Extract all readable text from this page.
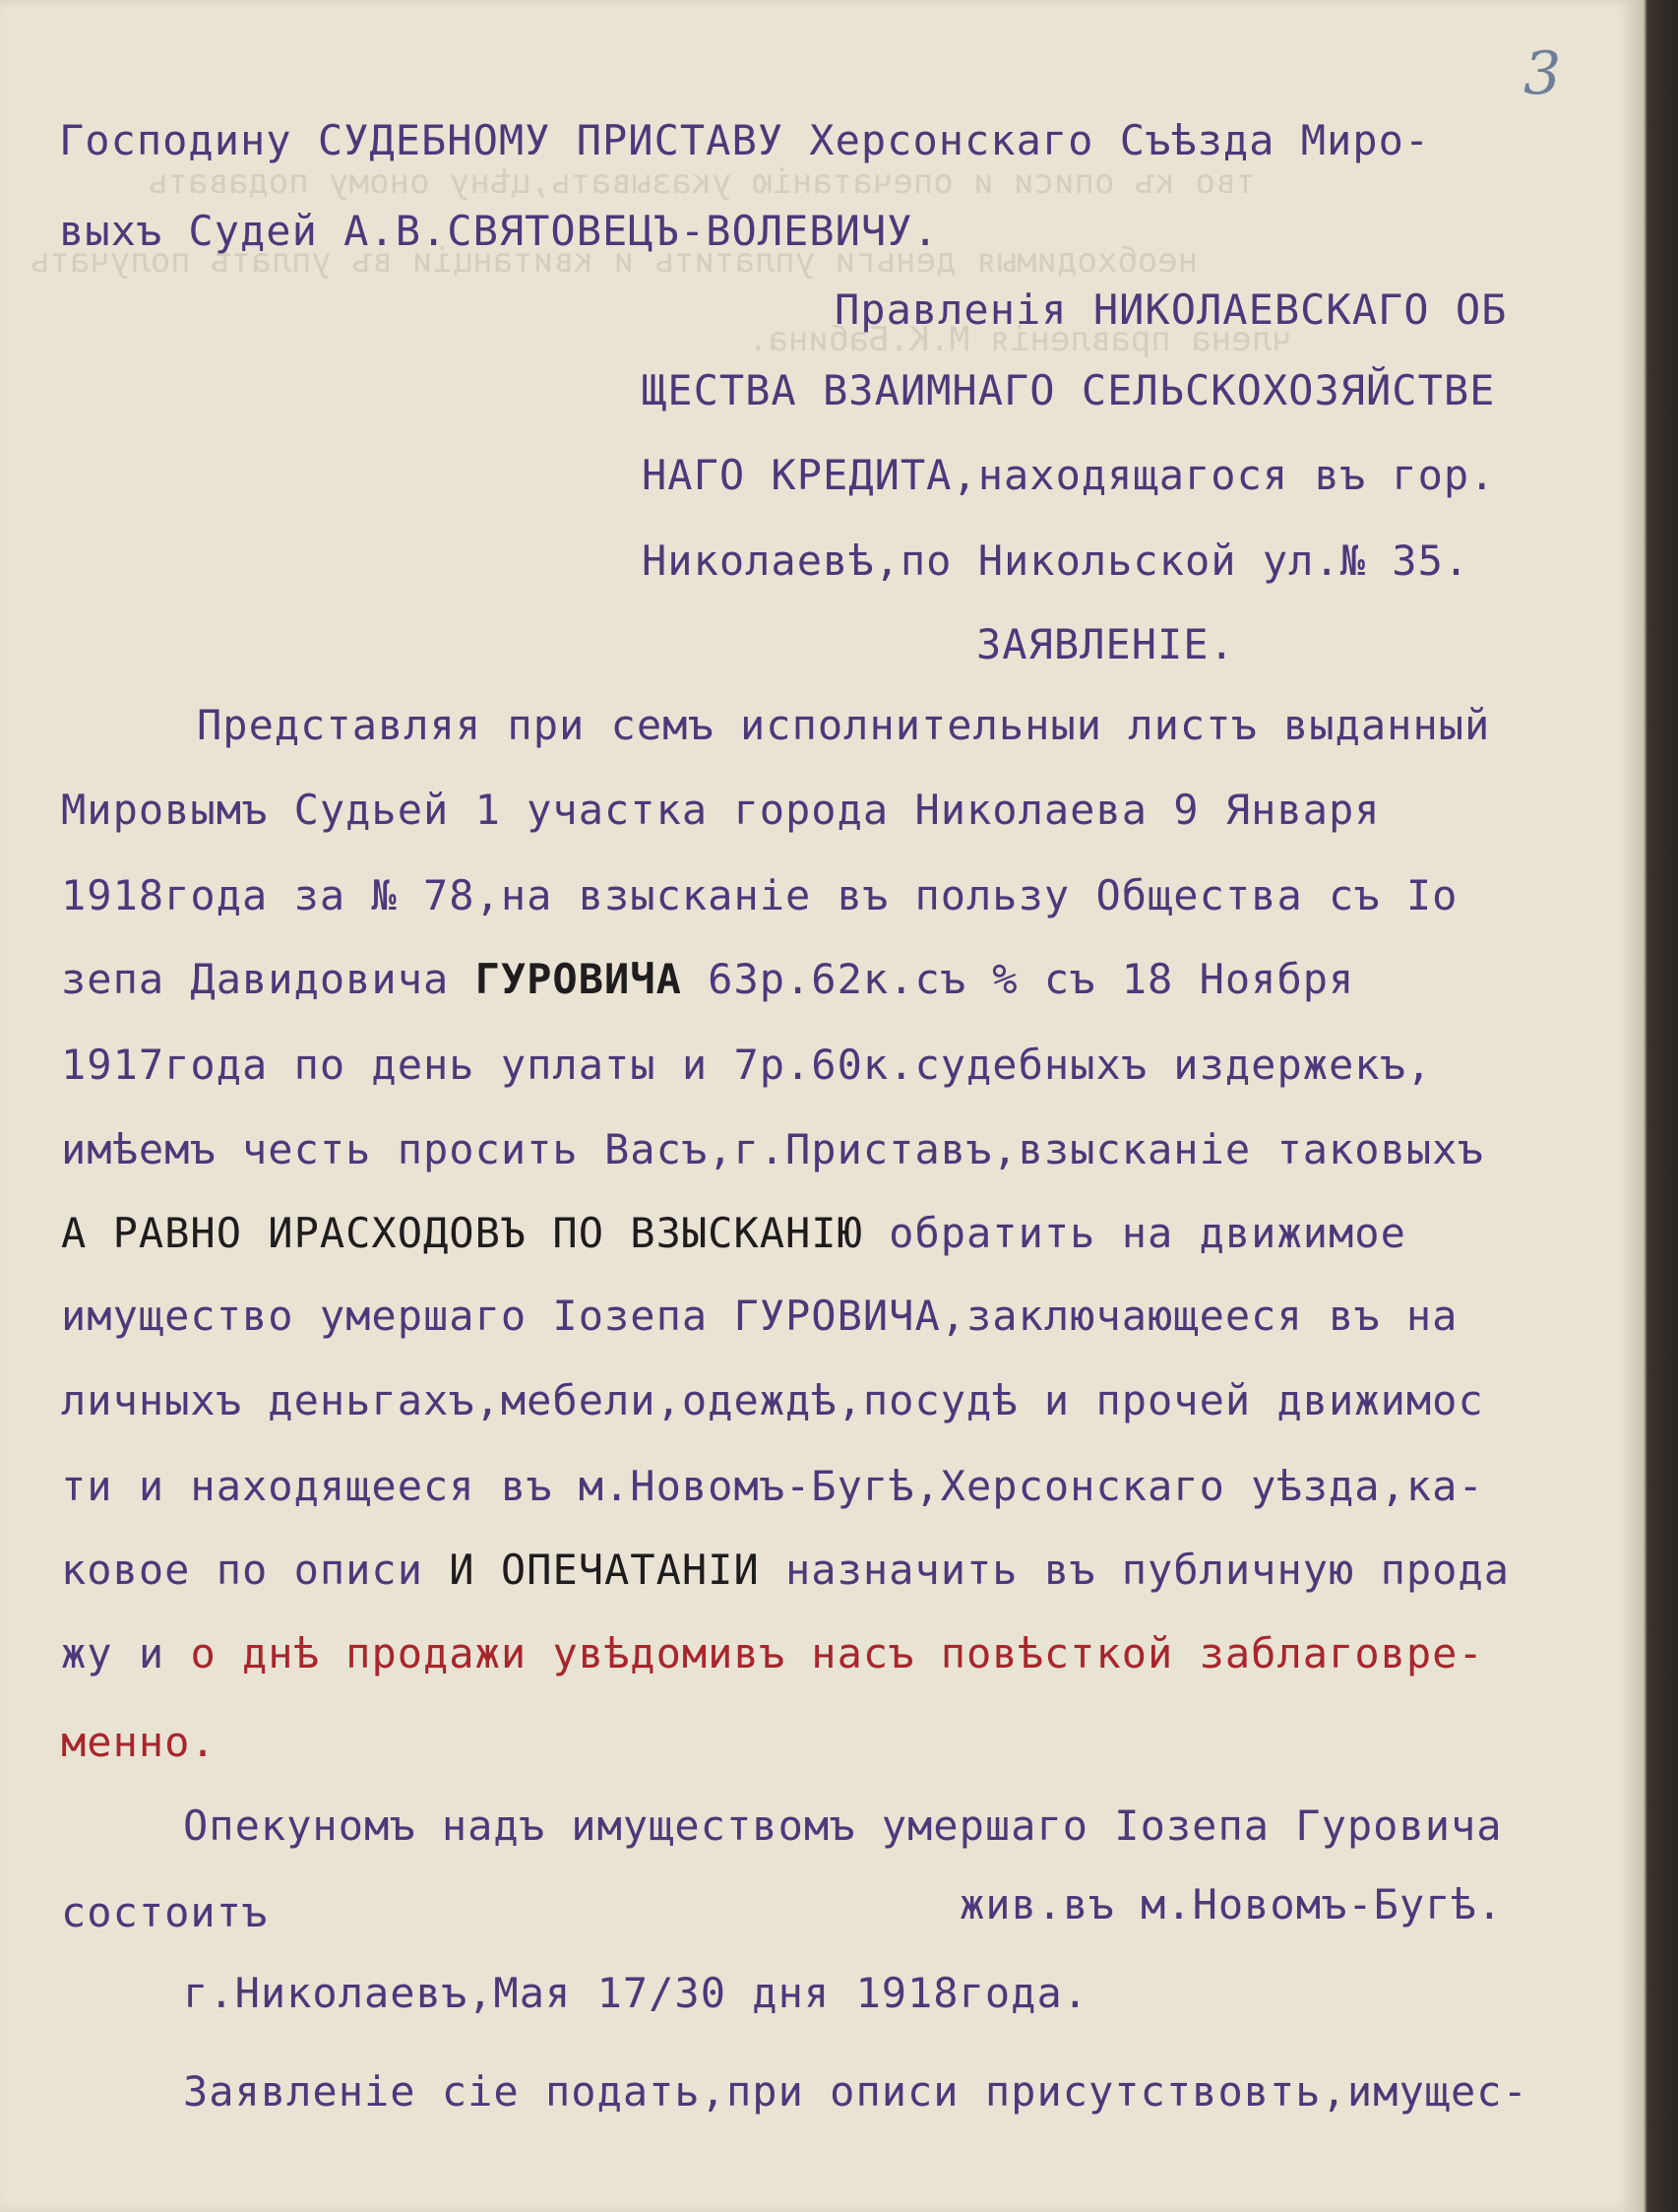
тво къ описи и опечатанію указывать,цѣну оному подавать
необходимыя деньги уплатить и квитанціи въ уплатѣ получать
члена правленія М.К.Бабина.
3
Господину СУДЕБНОМУ ПРИСТАВУ Херсонскаго Съѣзда Миро-
выхъ Судей А.В.СВЯТОВЕЦЪ-ВОЛЕВИЧУ.
Правленія НИКОЛАЕВСКАГО ОБ
ЩЕСТВА ВЗАИМНАГО СЕЛЬСКОХОЗЯЙСТВЕ
НАГО КРЕДИТА,находящагося въ гор.
Николаевѣ,по Никольской ул.№ 35.
ЗАЯВЛЕНІЕ.
Представляя при семъ исполнительныи листъ выданный
Мировымъ Судьей 1 участка города Николаева 9 Января
1918года за № 78,на взысканіе въ пользу Общества съ Іо
зепа Давидовича ГУРОВИЧА 63р.62к.съ % съ 18 Ноября
1917года по день уплаты и 7р.60к.судебныхъ издержекъ,
имѣемъ честь просить Васъ,г.Приставъ,взысканіе таковыхъ
А РАВНО ИРАСХОДОВЪ ПО ВЗЫСКАНІЮ обратить на движимое
имущество умершаго Іозепа ГУРОВИЧА,заключающееся въ на
личныхъ деньгахъ,мебели,одеждѣ,посудѣ и прочей движимос
ти и находящееся въ м.Новомъ-Бугѣ,Херсонскаго уѣзда,ка-
ковое по описи И ОПЕЧАТАНІИ назначить въ публичную прода
жу и о днѣ продажи увѣдомивъ насъ повѣсткой заблаговре-
менно.
Опекуномъ надъ имуществомъ умершаго Іозепа Гуровича
состоитъ	жив.въ м.Новомъ-Бугѣ.
г.Николаевъ,Мая 17/30 дня 1918года.
Заявленіе сіе подать,при описи присутствовть,имущес-
